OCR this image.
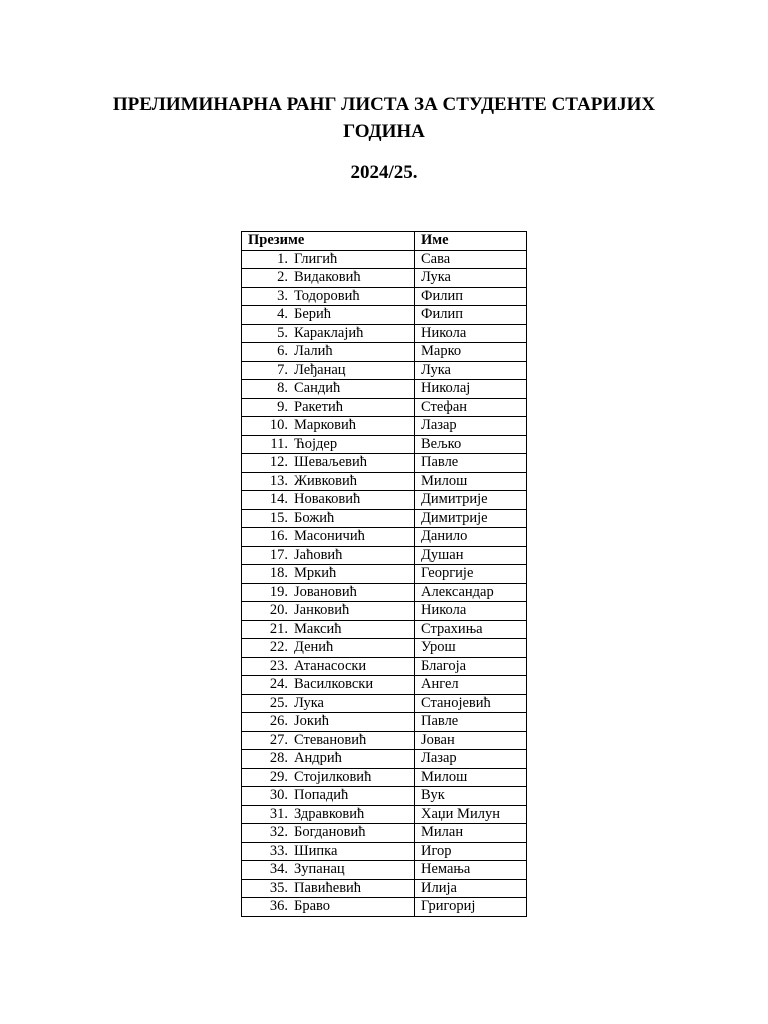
ПРЕЛИМИНАРНА РАНГ ЛИСТА ЗА СТУДЕНТЕ СТАРИЈИХ ГОДИНА
2024/25.
Презиме	Име
1. Глигић	Сава
2. Видаковић	Лука
3. Тодоровић	Филип
4. Берић	Филип
5. Караклајић	Никола
6. Лалић	Марко
7. Леђанац	Лука
8. Сандић	Николај
9. Ракетић	Стефан
10. Марковић	Лазар
11. Ћојдер	Вељко
12. Шеваљевић	Павле
13. Живковић	Милош
14. Новаковић	Димитрије
15. Божић	Димитрије
16. Масоничић	Данило
17. Јаћовић	Душан
18. Мркић	Георгије
19. Јовановић	Александар
20. Јанковић	Никола
21. Максић	Страхиња
22. Денић	Урош
23. Атанасоски	Благоја
24. Василковски	Ангел
25. Лука	Станојевић
26. Јокић	Павле
27. Стевановић	Јован
28. Андрић	Лазар
29. Стојилковић	Милош
30. Попадић	Вук
31. Здравковић	Хаџи Милун
32. Богдановић	Милан
33. Шипка	Игор
34. Зупанац	Немања
35. Павићевић	Илија
36. Браво	Григориј
